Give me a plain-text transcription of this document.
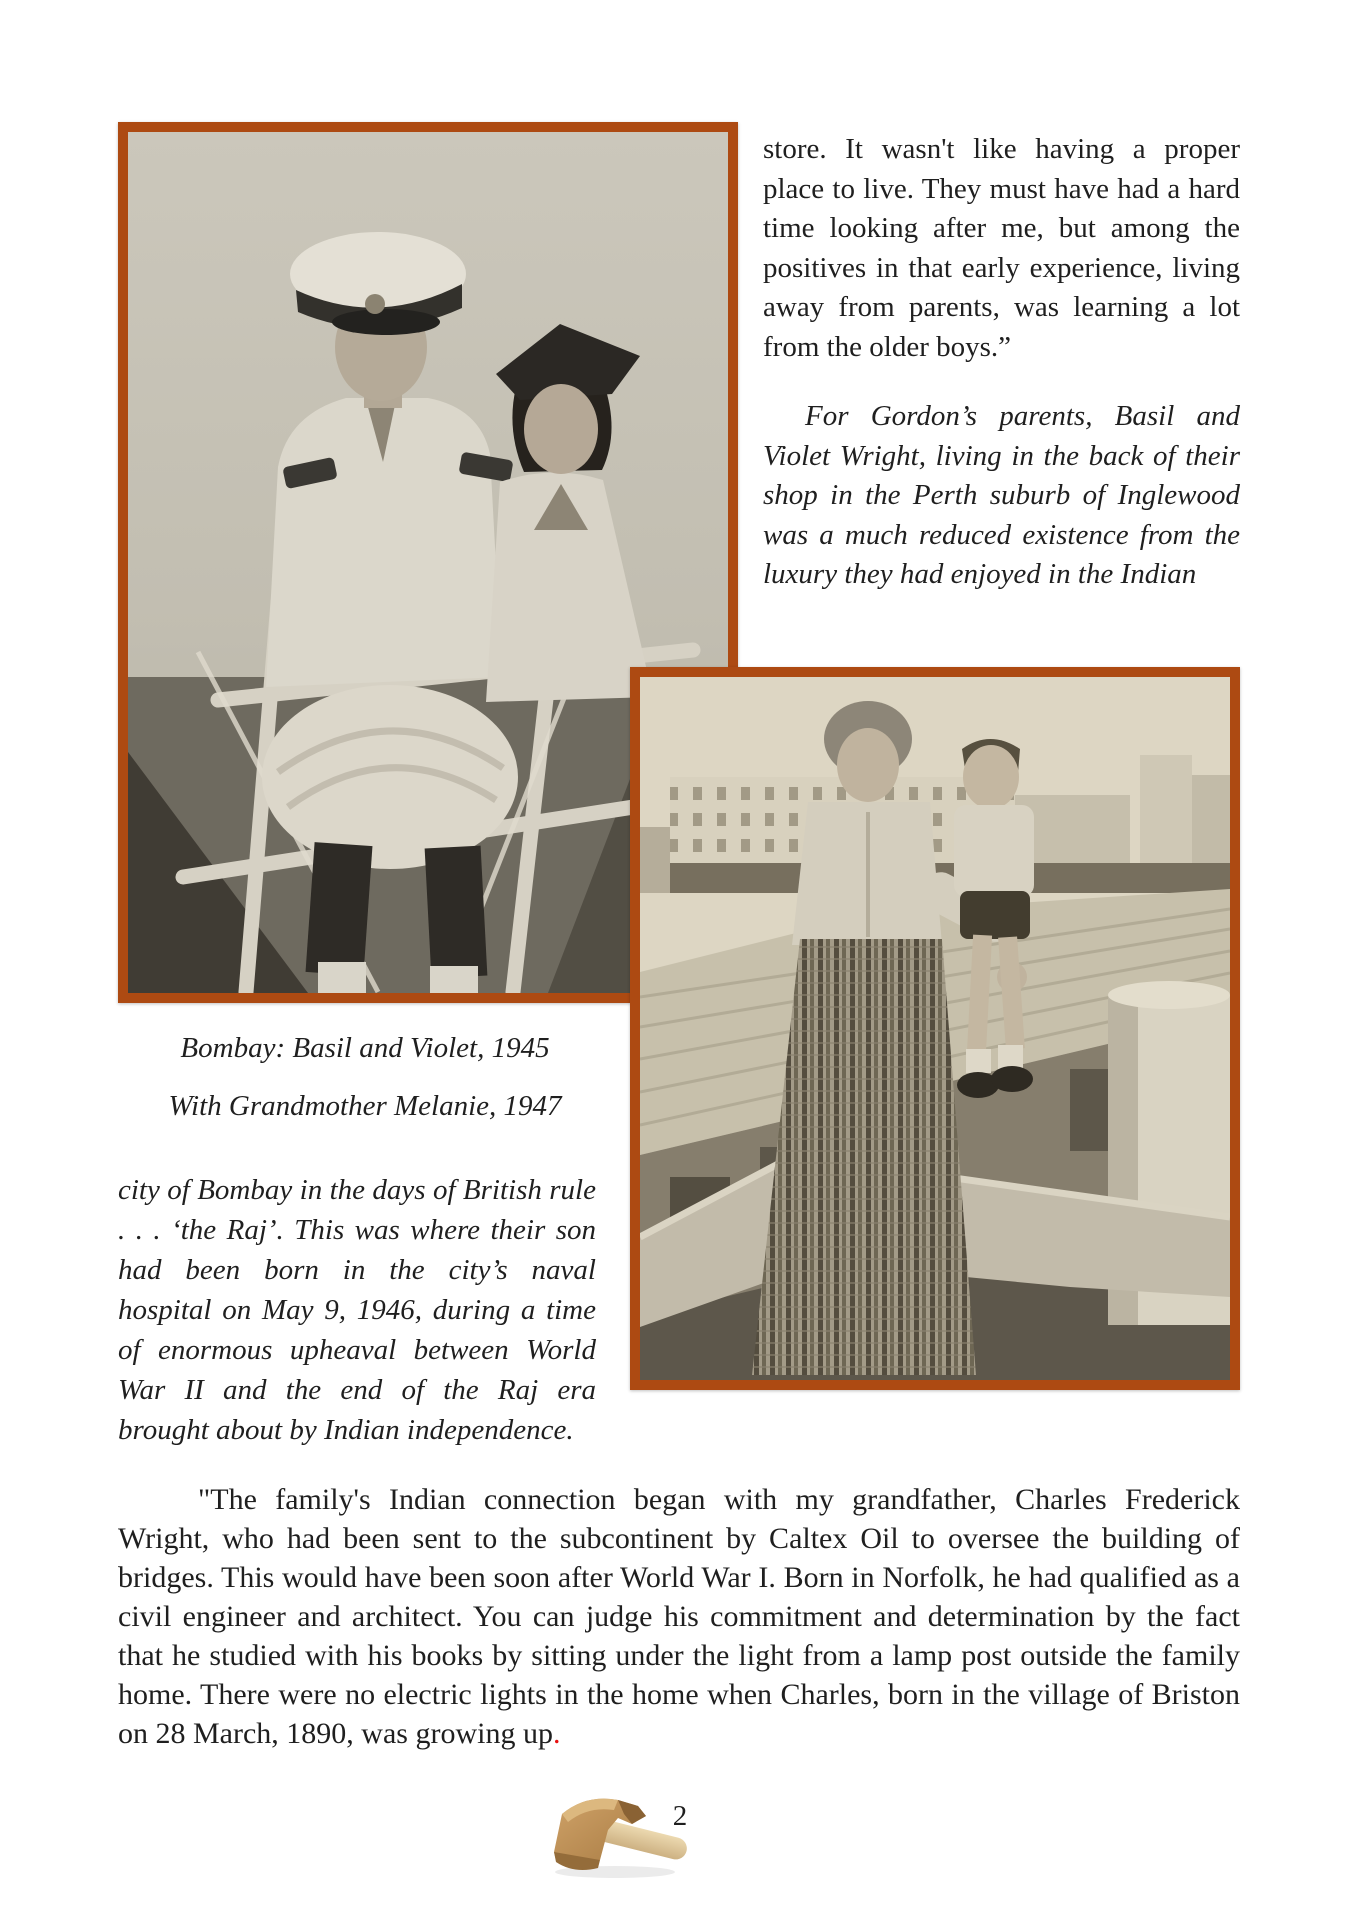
store. It wasn't like having a proper place to live. They must have had a hard time looking after me, but among the positives in that early experience, living away from parents, was learning a lot from the older boys.”

For Gordon’s parents, Basil and Violet Wright, living in the back of their shop in the Perth suburb of Inglewood was a much reduced existence from the luxury they had enjoyed in the Indian

Bombay: Basil and Violet, 1945
With Grandmother Melanie, 1947
city of Bombay in the days of British rule . . . ‘the Raj’. This was where their son had been born in the city’s naval hospital on May 9, 1946, during a time of enormous upheaval between World War II and the end of the Raj era brought about by Indian independence.
"The family's Indian connection began with my grandfather, Charles Frederick Wright, who had been sent to the subcontinent by Caltex Oil to oversee the building of bridges. This would have been soon after World War I. Born in Norfolk, he had qualified as a civil engineer and architect. You can judge his commitment and determination by the fact that he studied with his books by sitting under the light from a lamp post outside the family home. There were no electric lights in the home when Charles, born in the village of Briston on 28 March, 1890, was growing up.
2
